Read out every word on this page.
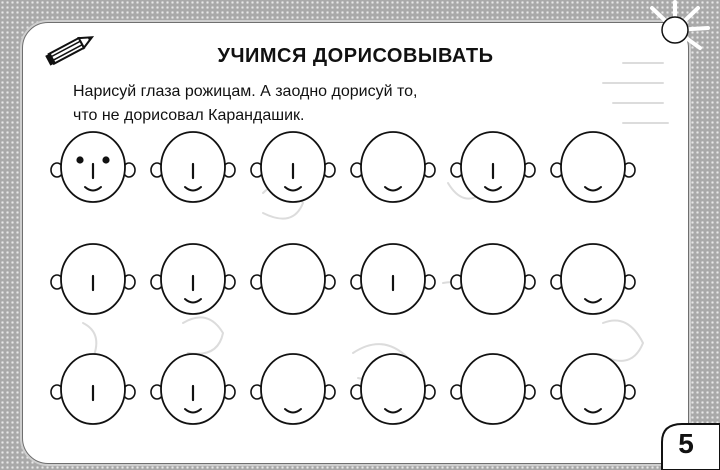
УЧИМСЯ ДОРИСОВЫВАТЬ
Нарисуй глаза рожицам. А заодно дорисуй то,
что не дорисовал Карандашик.
5
